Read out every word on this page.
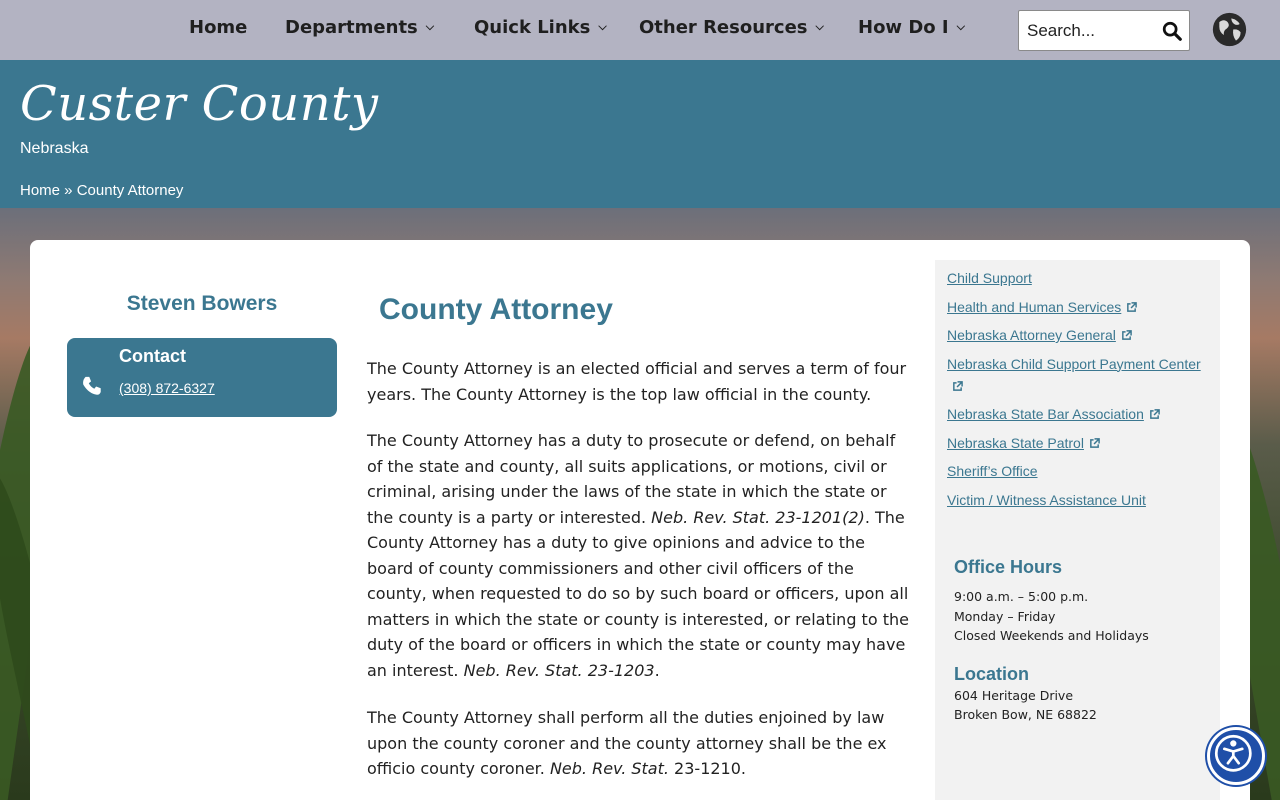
Home Departments ⌵ Quick Links ⌵ Other Resources ⌵ How Do I ⌵
Search...
Custer County
Nebraska
Home » County Attorney
Steven Bowers
Contact
(308) 872-6327
County Attorney

The County Attorney is an elected official and serves a term of four years. The County Attorney is the top law official in the county.

The County Attorney has a duty to prosecute or defend, on behalf of the state and county, all suits applications, or motions, civil or criminal, arising under the laws of the state in which the state or the county is a party or interested. Neb. Rev. Stat. 23-1201(2). The County Attorney has a duty to give opinions and advice to the board of county commissioners and other civil officers of the county, when requested to do so by such board or officers, upon all matters in which the state or county is interested, or relating to the duty of the board or officers in which the state or county may have an interest. Neb. Rev. Stat. 23-1203.

The County Attorney shall perform all the duties enjoined by law upon the county coroner and the county attorney shall be the ex officio county coroner. Neb. Rev. Stat. 23-1210.

Child Support
Health and Human Services
Nebraska Attorney General
Nebraska Child Support Payment Center
Nebraska State Bar Association
Nebraska State Patrol
Sheriff’s Office
Victim / Witness Assistance Unit
Office Hours
9:00 a.m. – 5:00 p.m.
Monday – Friday
Closed Weekends and Holidays
Location
604 Heritage Drive
Broken Bow, NE 68822
